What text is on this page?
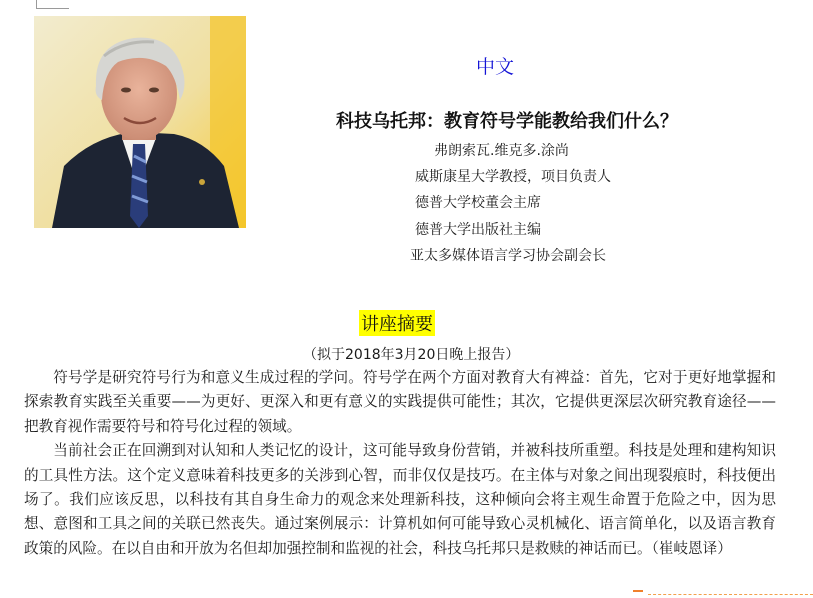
中文
科技乌托邦：教育符号学能教给我们什么？
弗朗索瓦.维克多.涂尚
威斯康星大学教授，项目负责人
德普大学校董会主席
德普大学出版社主编
亚太多媒体语言学习协会副会长
讲座摘要
（拟于2018年3月20日晚上报告）

符号学是研究符号行为和意义生成过程的学问。符号学在两个方面对教育大有裨益：首先，它对于更好地掌握和探索教育实践至关重要——为更好、更深入和更有意义的实践提供可能性；其次，它提供更深层次研究教育途径——把教育视作需要符号和符号化过程的领域。

当前社会正在回溯到对认知和人类记忆的设计，这可能导致身份营销，并被科技所重塑。科技是处理和建构知识的工具性方法。这个定义意味着科技更多的关涉到心智，而非仅仅是技巧。在主体与对象之间出现裂痕时，科技便出场了。我们应该反思，以科技有其自身生命力的观念来处理新科技，这种倾向会将主观生命置于危险之中，因为思想、意图和工具之间的关联已然丧失。通过案例展示：计算机如何可能导致心灵机械化、语言简单化，以及语言教育政策的风险。在以自由和开放为名但却加强控制和监视的社会，科技乌托邦只是救赎的神话而已。（崔岐恩译）
